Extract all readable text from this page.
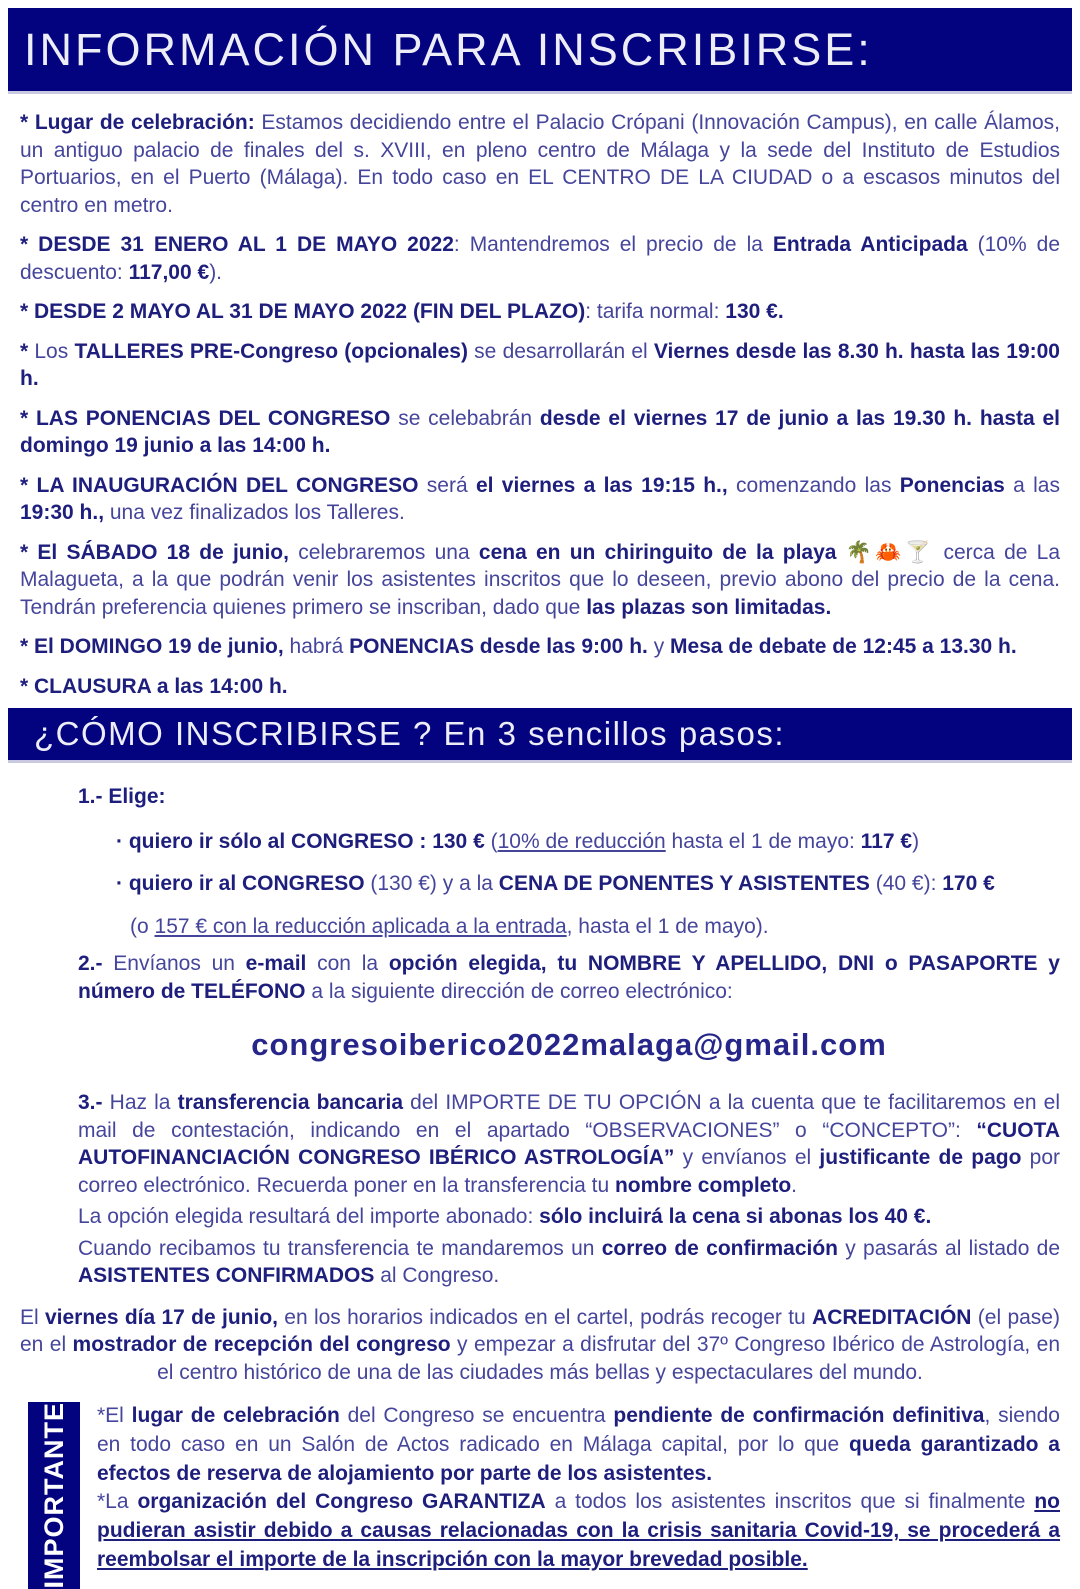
INFORMACIÓN PARA INSCRIBIRSE:

* Lugar de celebración: Estamos decidiendo entre el Palacio Crópani (Innovación Campus), en calle Álamos, un antiguo palacio de finales del s. XVIII, en pleno centro de Málaga y la sede del Instituto de Estudios Portuarios, en el Puerto (Málaga). En todo caso en EL CENTRO DE LA CIUDAD o a escasos minutos del centro en metro.

* DESDE 31 ENERO AL 1 DE MAYO 2022: Mantendremos el precio de la Entrada Anticipada (10% de descuento: 117,00 €).

* DESDE 2 MAYO AL 31 DE MAYO 2022 (FIN DEL PLAZO): tarifa normal: 130 €.

* Los TALLERES PRE-Congreso (opcionales) se desarrollarán el Viernes desde las 8.30 h. hasta las 19:00 h.

* LAS PONENCIAS DEL CONGRESO se celebabrán desde el viernes 17 de junio a las 19.30 h. hasta el domingo 19 junio a las 14:00 h.

* LA INAUGURACIÓN DEL CONGRESO será el viernes a las 19:15 h., comenzando las Ponencias a las 19:30 h., una vez finalizados los Talleres.

* El SÁBADO 18 de junio, celebraremos una cena en un chiringuito de la playa 🌴🦀🍸 cerca de La Malagueta, a la que podrán venir los asistentes inscritos que lo deseen, previo abono del precio de la cena. Tendrán preferencia quienes primero se inscriban, dado que las plazas son limitadas.

* El DOMINGO 19 de junio, habrá PONENCIAS desde las 9:00 h. y Mesa de debate de 12:45 a 13.30 h.

* CLAUSURA a las 14:00 h.

¿CÓMO INSCRIBIRSE ? En 3 sencillos pasos:

1.- Elige:

· quiero ir sólo al CONGRESO : 130 € (10% de reducción hasta el 1 de mayo: 117 €)

· quiero ir al CONGRESO (130 €) y a la CENA DE PONENTES Y ASISTENTES (40 €): 170 €

(o 157 € con la reducción aplicada a la entrada, hasta el 1 de mayo).

2.- Envíanos un e-mail con la opción elegida, tu NOMBRE Y APELLIDO, DNI o PASAPORTE y número de TELÉFONO a la siguiente dirección de correo electrónico:

congresoiberico2022malaga@gmail.com

3.- Haz la transferencia bancaria del IMPORTE DE TU OPCIÓN a la cuenta que te facilitaremos en el mail de contestación, indicando en el apartado “OBSERVACIONES” o “CONCEPTO”: “CUOTA AUTOFINANCIACIÓN CONGRESO IBÉRICO ASTROLOGÍA” y envíanos el justificante de pago por correo electrónico. Recuerda poner en la transferencia tu nombre completo.

La opción elegida resultará del importe abonado: sólo incluirá la cena si abonas los 40 €.

Cuando recibamos tu transferencia te mandaremos un correo de confirmación y pasarás al listado de ASISTENTES CONFIRMADOS al Congreso.

El viernes día 17 de junio, en los horarios indicados en el cartel, podrás recoger tu ACREDITACIÓN (el pase) en el mostrador de recepción del congreso y empezar a disfrutar del 37º Congreso Ibérico de Astrología, en el centro histórico de una de las ciudades más bellas y espectaculares del mundo.

IMPORTANTE *El lugar de celebración del Congreso se encuentra pendiente de confirmación definitiva, siendo en todo caso en un Salón de Actos radicado en Málaga capital, por lo que queda garantizado a efectos de reserva de alojamiento por parte de los asistentes.

*La organización del Congreso GARANTIZA a todos los asistentes inscritos que si finalmente no pudieran asistir debido a causas relacionadas con la crisis sanitaria Covid-19, se procederá a reembolsar el importe de la inscripción con la mayor brevedad posible.
